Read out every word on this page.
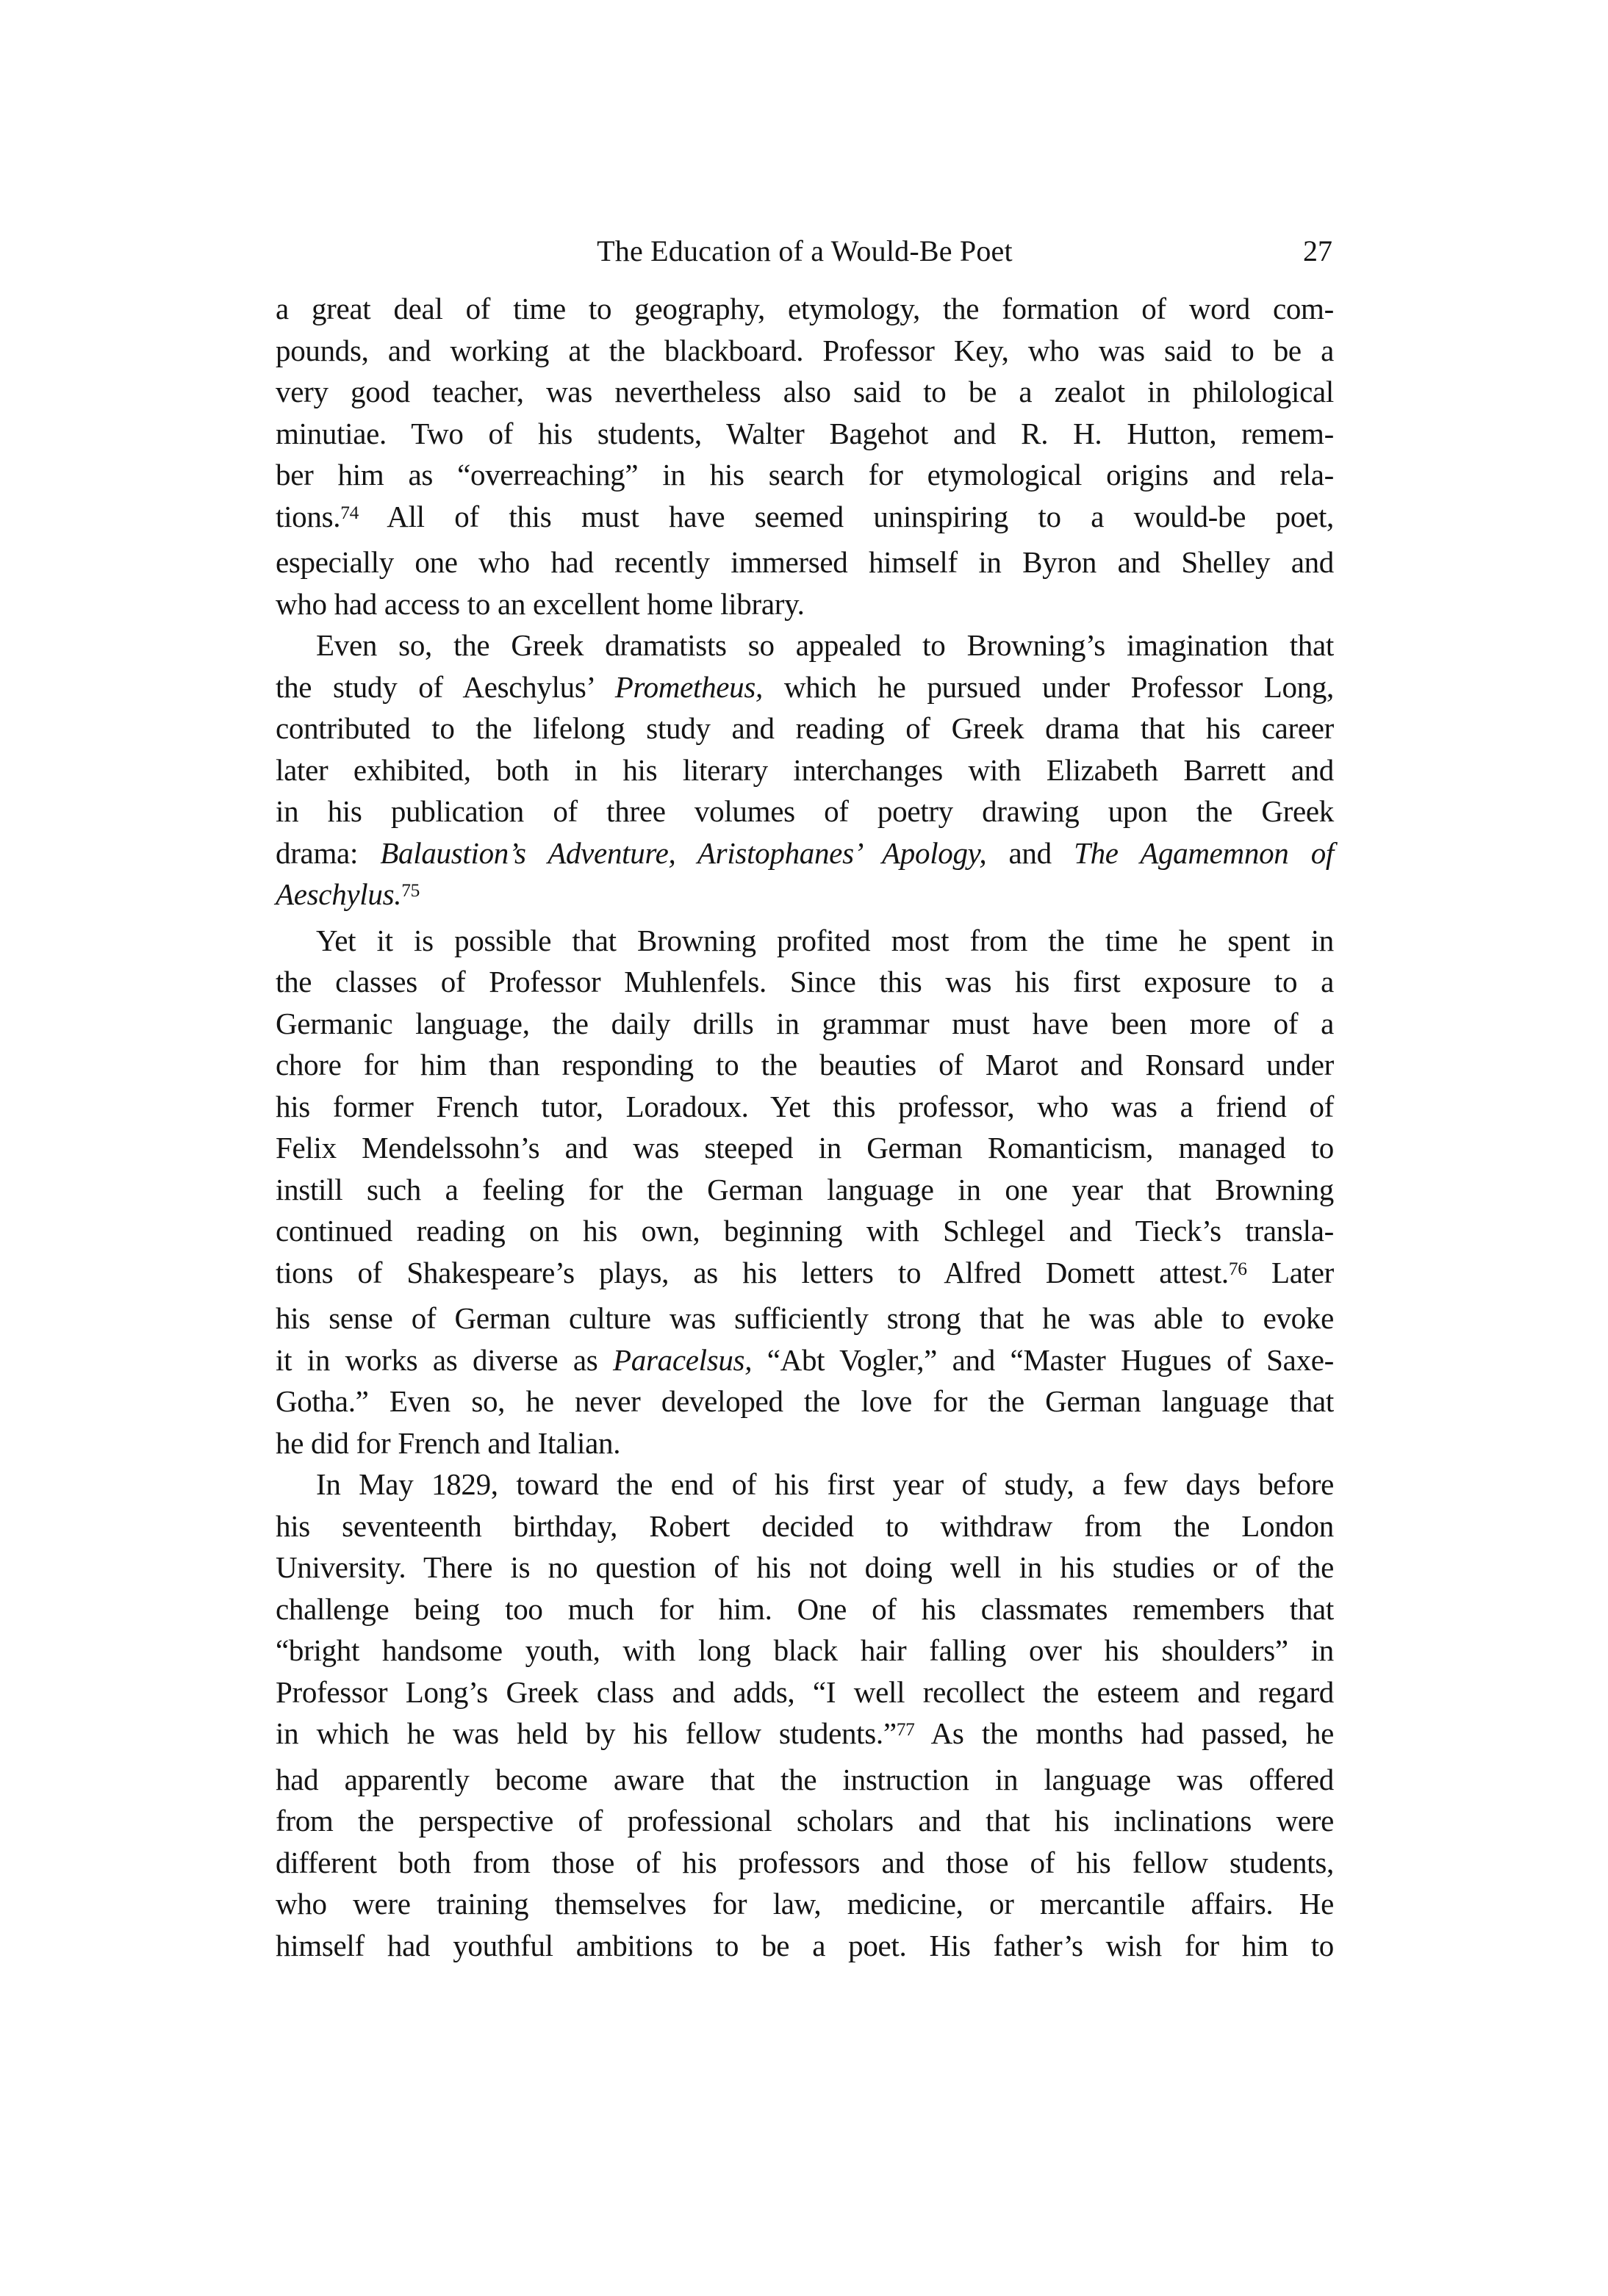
The Education of a Would-Be Poet	27
a great deal of time to geography, etymology, the formation of word com-
pounds, and working at the blackboard. Professor Key, who was said to be a
very good teacher, was nevertheless also said to be a zealot in philological
minutiae. Two of his students, Walter Bagehot and R. H. Hutton, remem-
ber him as “overreaching” in his search for etymological origins and rela-
tions.$^{74}$ All of this must have seemed uninspiring to a would-be poet,
especially one who had recently immersed himself in Byron and Shelley and
who had access to an excellent home library.
Even so, the Greek dramatists so appealed to Browning’s imagination that
the study of Aeschylus’ Prometheus, which he pursued under Professor Long,
contributed to the lifelong study and reading of Greek drama that his career
later exhibited, both in his literary interchanges with Elizabeth Barrett and
in his publication of three volumes of poetry drawing upon the Greek
drama: Balaustion’s Adventure, Aristophanes’ Apology, and The Agamemnon of
Aeschylus.$^{75}$
Yet it is possible that Browning profited most from the time he spent in
the classes of Professor Muhlenfels. Since this was his first exposure to a
Germanic language, the daily drills in grammar must have been more of a
chore for him than responding to the beauties of Marot and Ronsard under
his former French tutor, Loradoux. Yet this professor, who was a friend of
Felix Mendelssohn’s and was steeped in German Romanticism, managed to
instill such a feeling for the German language in one year that Browning
continued reading on his own, beginning with Schlegel and Tieck’s transla-
tions of Shakespeare’s plays, as his letters to Alfred Domett attest.$^{76}$ Later
his sense of German culture was sufficiently strong that he was able to evoke
it in works as diverse as Paracelsus, “Abt Vogler,” and “Master Hugues of Saxe-
Gotha.” Even so, he never developed the love for the German language that
he did for French and Italian.
In May 1829, toward the end of his first year of study, a few days before
his seventeenth birthday, Robert decided to withdraw from the London
University. There is no question of his not doing well in his studies or of the
challenge being too much for him. One of his classmates remembers that
“bright handsome youth, with long black hair falling over his shoulders” in
Professor Long’s Greek class and adds, “I well recollect the esteem and regard
in which he was held by his fellow students.”$^{77}$ As the months had passed, he
had apparently become aware that the instruction in language was offered
from the perspective of professional scholars and that his inclinations were
different both from those of his professors and those of his fellow students,
who were training themselves for law, medicine, or mercantile affairs. He
himself had youthful ambitions to be a poet. His father’s wish for him to
